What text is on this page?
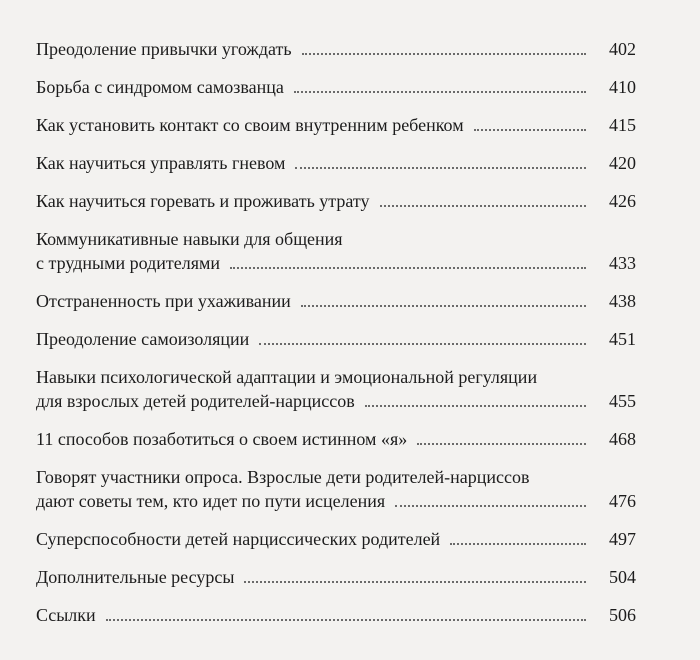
Преодоление привычки угождать	402
Борьба с синдромом самозванца	410
Как установить контакт со своим внутренним ребенком	415
Как научиться управлять гневом	420
Как научиться горевать и проживать утрату	426
Коммуникативные навыки для общения
с трудными родителями	433
Отстраненность при ухаживании	438
Преодоление самоизоляции	451
Навыки психологической адаптации и эмоциональной регуляции
для взрослых детей родителей-нарциссов	455
11 способов позаботиться о своем истинном «я»	468
Говорят участники опроса. Взрослые дети родителей-нарциссов
дают советы тем, кто идет по пути исцеления	476
Суперспособности детей нарциссических родителей	497
Дополнительные ресурсы	504
Ссылки	506
